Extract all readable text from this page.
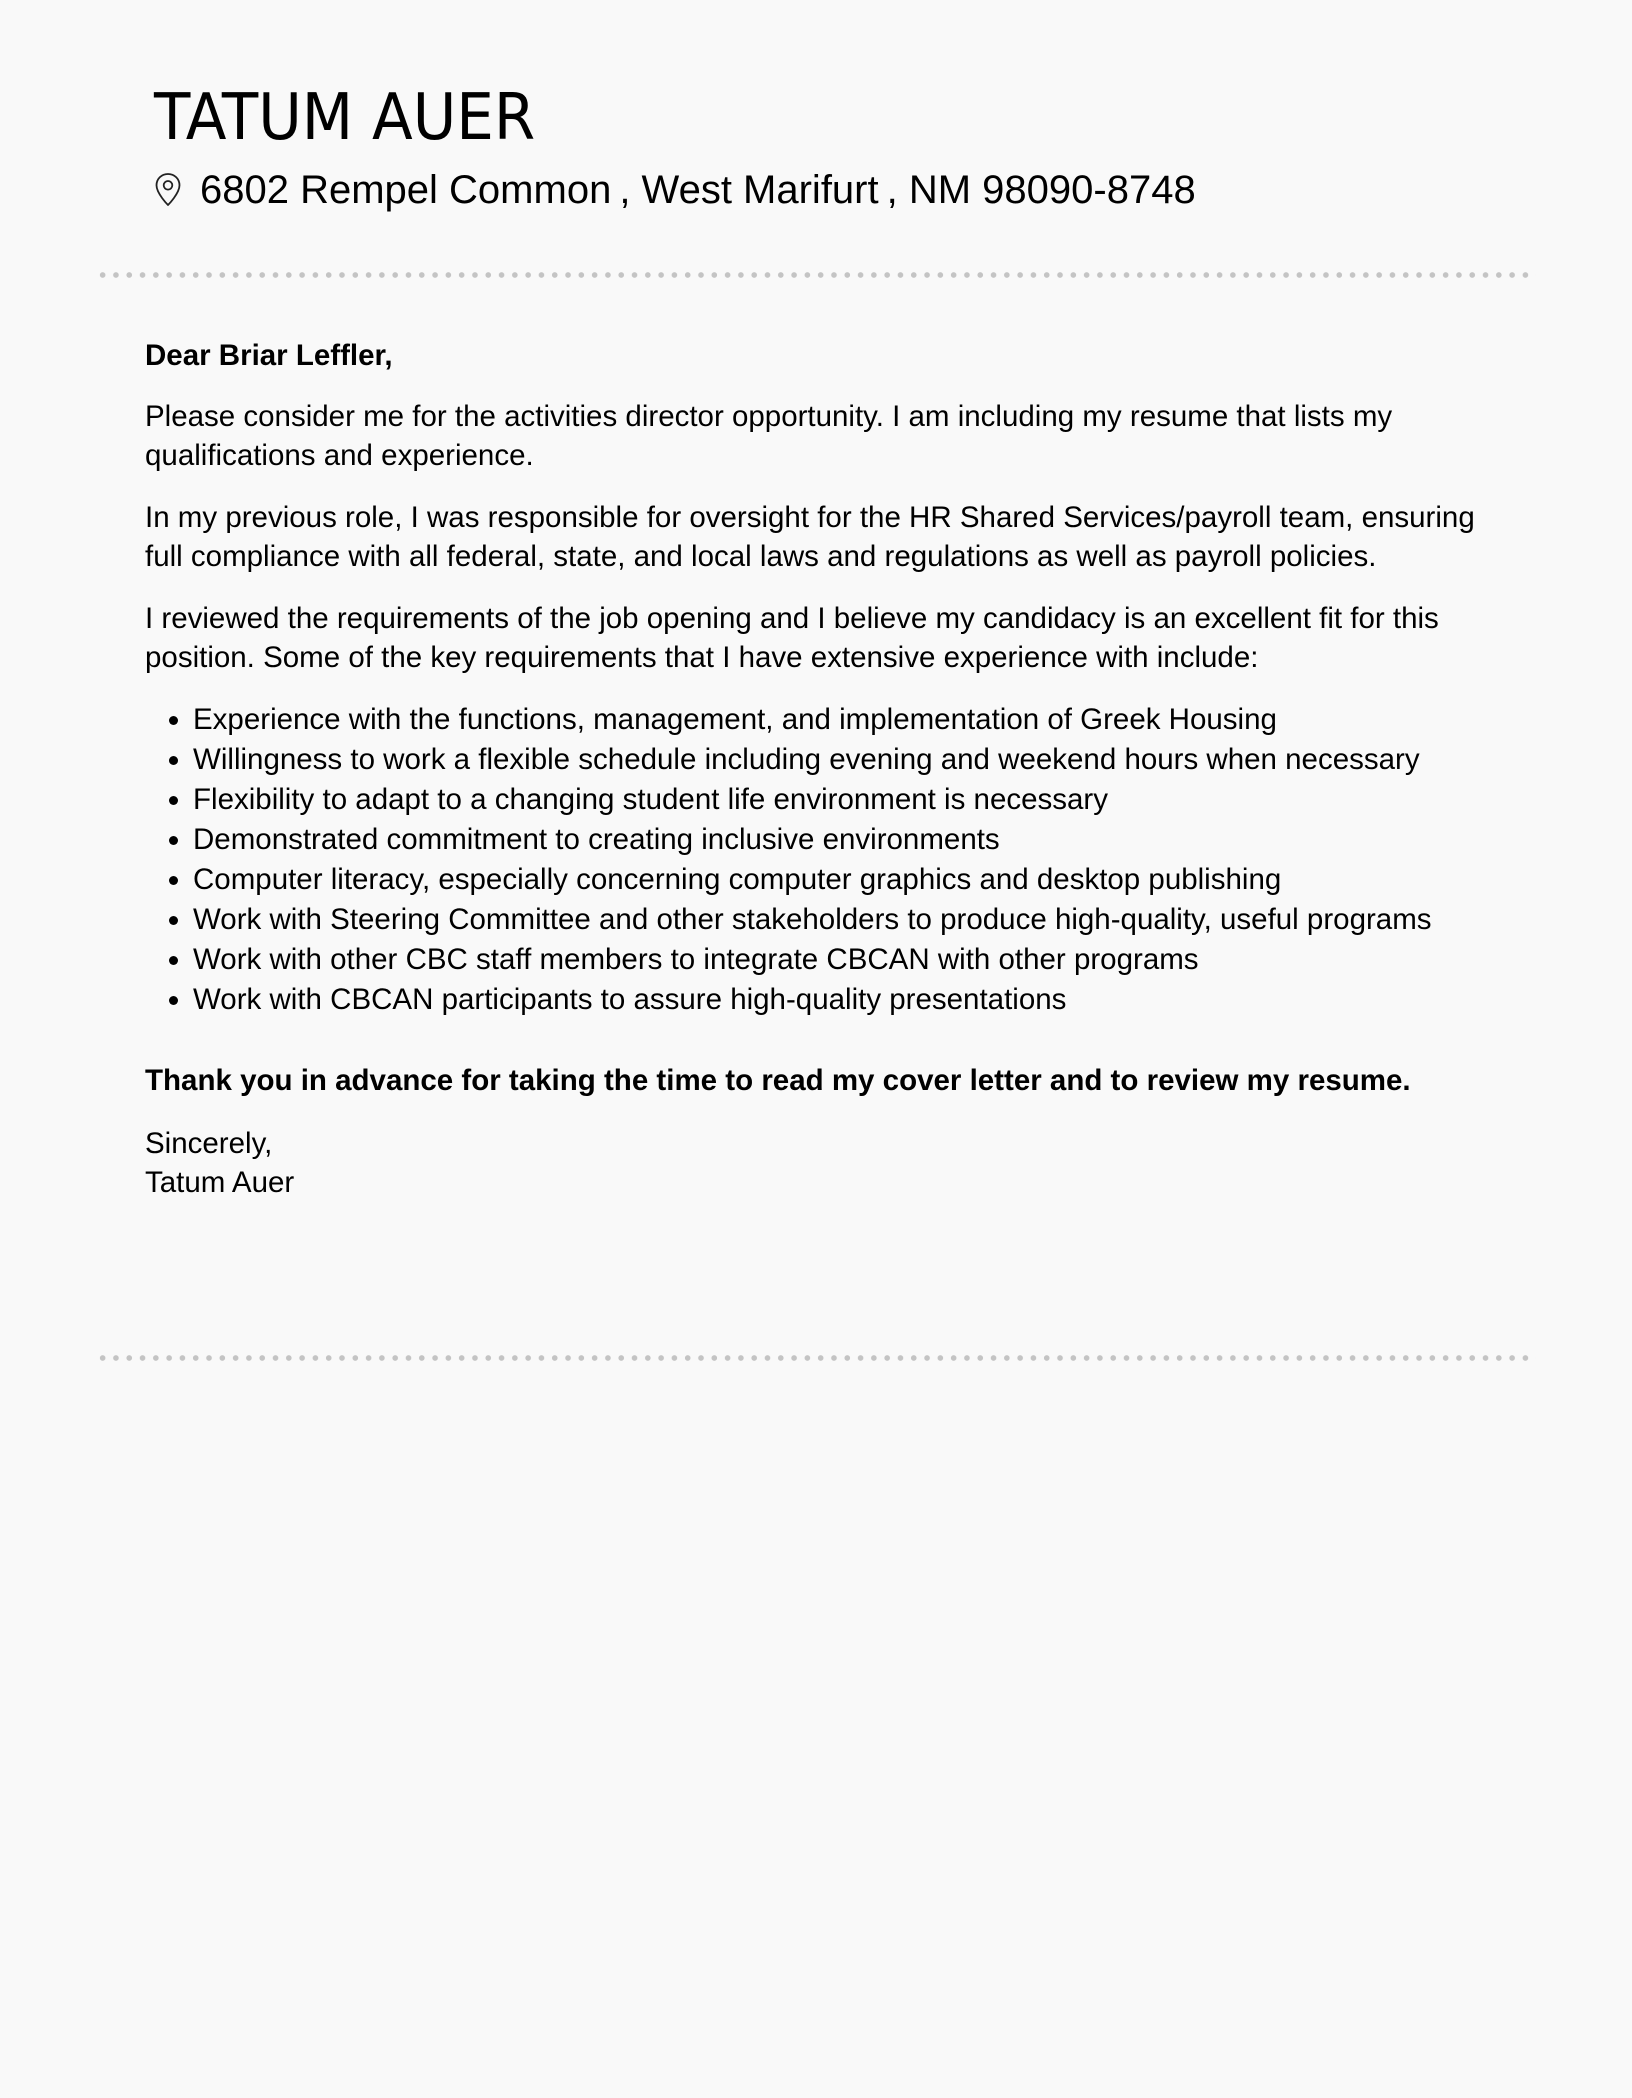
TATUM AUER
6802 Rempel Common , West Marifurt , NM 98090-8748

Dear Briar Leffler,

Please consider me for the activities director opportunity. I am including my resume that lists my qualifications and experience.

In my previous role, I was responsible for oversight for the HR Shared Services/payroll team, ensuring full compliance with all federal, state, and local laws and regulations as well as payroll policies.

I reviewed the requirements of the job opening and I believe my candidacy is an excellent fit for this position. Some of the key requirements that I have extensive experience with include:

• Experience with the functions, management, and implementation of Greek Housing
• Willingness to work a flexible schedule including evening and weekend hours when necessary
• Flexibility to adapt to a changing student life environment is necessary
• Demonstrated commitment to creating inclusive environments
• Computer literacy, especially concerning computer graphics and desktop publishing
• Work with Steering Committee and other stakeholders to produce high-quality, useful programs
• Work with other CBC staff members to integrate CBCAN with other programs
• Work with CBCAN participants to assure high-quality presentations

Thank you in advance for taking the time to read my cover letter and to review my resume.

Sincerely,
Tatum Auer
